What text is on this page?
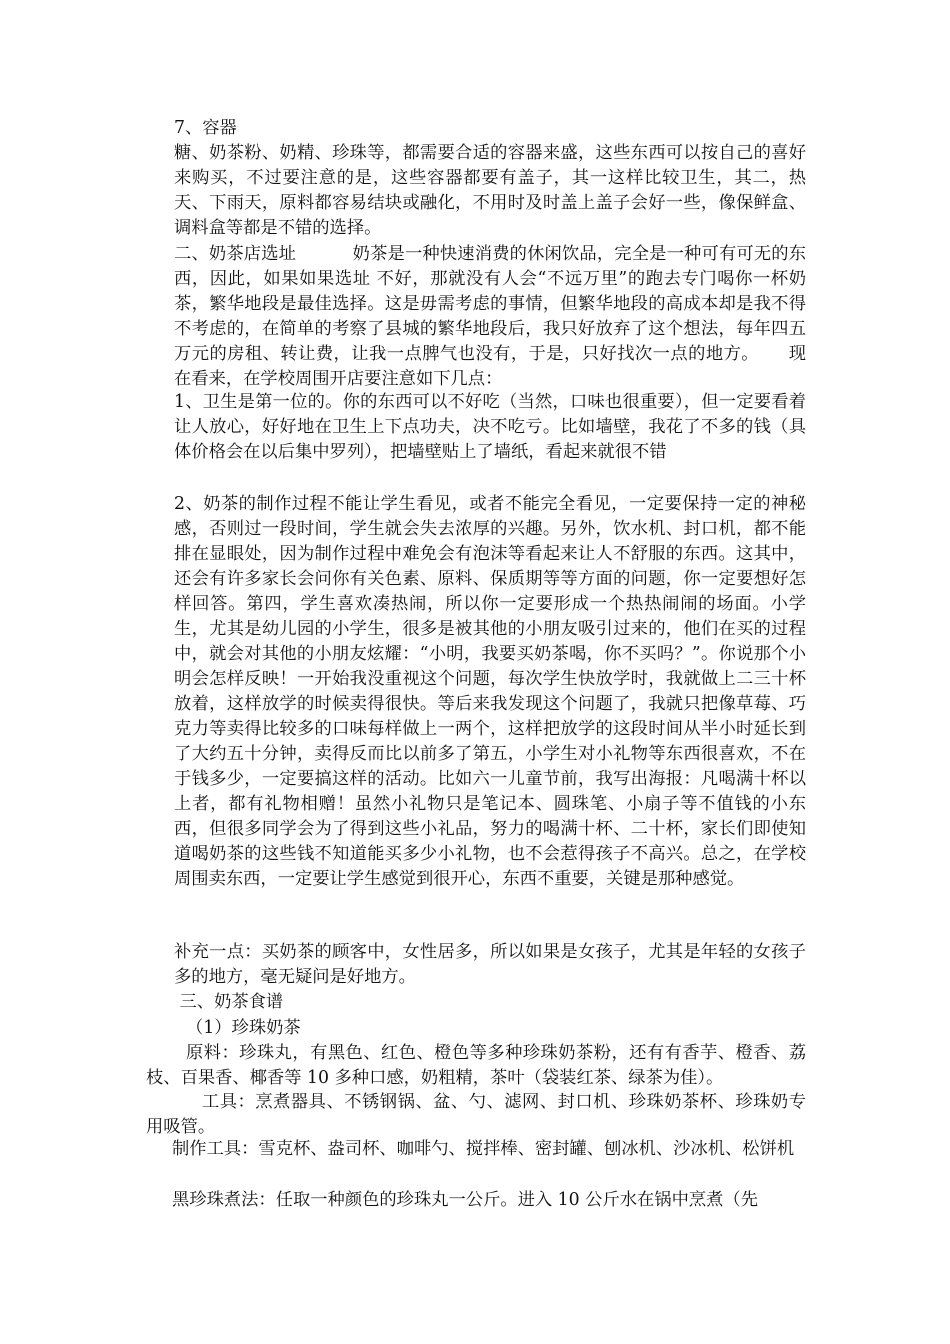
7、容器
糖、奶茶粉、奶精、珍珠等，都需要合适的容器来盛，这些东西可以按自己的喜好来购买，不过要注意的是，这些容器都要有盖子，其一这样比较卫生，其二，热天、下雨天，原料都容易结块或融化，不用时及时盖上盖子会好一些，像保鲜盒、调料盒等都是不错的选择。
二、奶茶店选址          奶茶是一种快速消费的休闲饮品，完全是一种可有可无的东西，因此，如果如果选址 不好，那就没有人会“不远万里”的跑去专门喝你一杯奶茶，繁华地段是最佳选择。这是毋需考虑的事情，但繁华地段的高成本却是我不得不考虑的，在简单的考察了县城的繁华地段后，我只好放弃了这个想法，每年四五万元的房租、转让费，让我一点脾气也没有，于是，只好找次一点的地方。     现在看来，在学校周围开店要注意如下几点：
1、卫生是第一位的。你的东西可以不好吃（当然，口味也很重要），但一定要看着让人放心，好好地在卫生上下点功夫，决不吃亏。比如墙壁，我花了不多的钱（具体价格会在以后集中罗列），把墙壁贴上了墙纸，看起来就很不错
2、奶茶的制作过程不能让学生看见，或者不能完全看见，一定要保持一定的神秘感，否则过一段时间，学生就会失去浓厚的兴趣。另外，饮水机、封口机，都不能排在显眼处，因为制作过程中难免会有泡沫等看起来让人不舒服的东西。这其中，还会有许多家长会问你有关色素、原料、保质期等等方面的问题，你一定要想好怎样回答。第四，学生喜欢凑热闹，所以你一定要形成一个热热闹闹的场面。小学生，尤其是幼儿园的小学生，很多是被其他的小朋友吸引过来的，他们在买的过程中，就会对其他的小朋友炫耀：“小明，我要买奶茶喝，你不买吗？”。你说那个小明会怎样反映！一开始我没重视这个问题，每次学生快放学时，我就做上二三十杯放着，这样放学的时候卖得很快。等后来我发现这个问题了，我就只把像草莓、巧克力等卖得比较多的口味每样做上一两个，这样把放学的这段时间从半小时延长到了大约五十分钟，卖得反而比以前多了第五，小学生对小礼物等东西很喜欢，不在于钱多少，一定要搞这样的活动。比如六一儿童节前，我写出海报：凡喝满十杯以上者，都有礼物相赠！虽然小礼物只是笔记本、圆珠笔、小扇子等不值钱的小东西，但很多同学会为了得到这些小礼品，努力的喝满十杯、二十杯，家长们即使知道喝奶茶的这些钱不知道能买多少小礼物，也不会惹得孩子不高兴。总之，在学校周围卖东西，一定要让学生感觉到很开心，东西不重要，关键是那种感觉。
补充一点：买奶茶的顾客中，女性居多，所以如果是女孩子，尤其是年轻的女孩子多的地方，毫无疑问是好地方。
三、奶茶食谱
（1）珍珠奶茶
原料：珍珠丸，有黑色、红色、橙色等多种珍珠奶茶粉，还有有香芋、橙香、荔枝、百果香、椰香等 10 多种口感，奶粗精，茶叶（袋装红茶、绿茶为佳）。
工具：烹煮器具、不锈钢锅、盆、勺、滤网、封口机、珍珠奶茶杯、珍珠奶专用吸管。
制作工具：雪克杯、盎司杯、咖啡勺、搅拌棒、密封罐、刨冰机、沙冰机、松饼机
黑珍珠煮法：任取一种颜色的珍珠丸一公斤。进入 10 公斤水在锅中烹煮（先
